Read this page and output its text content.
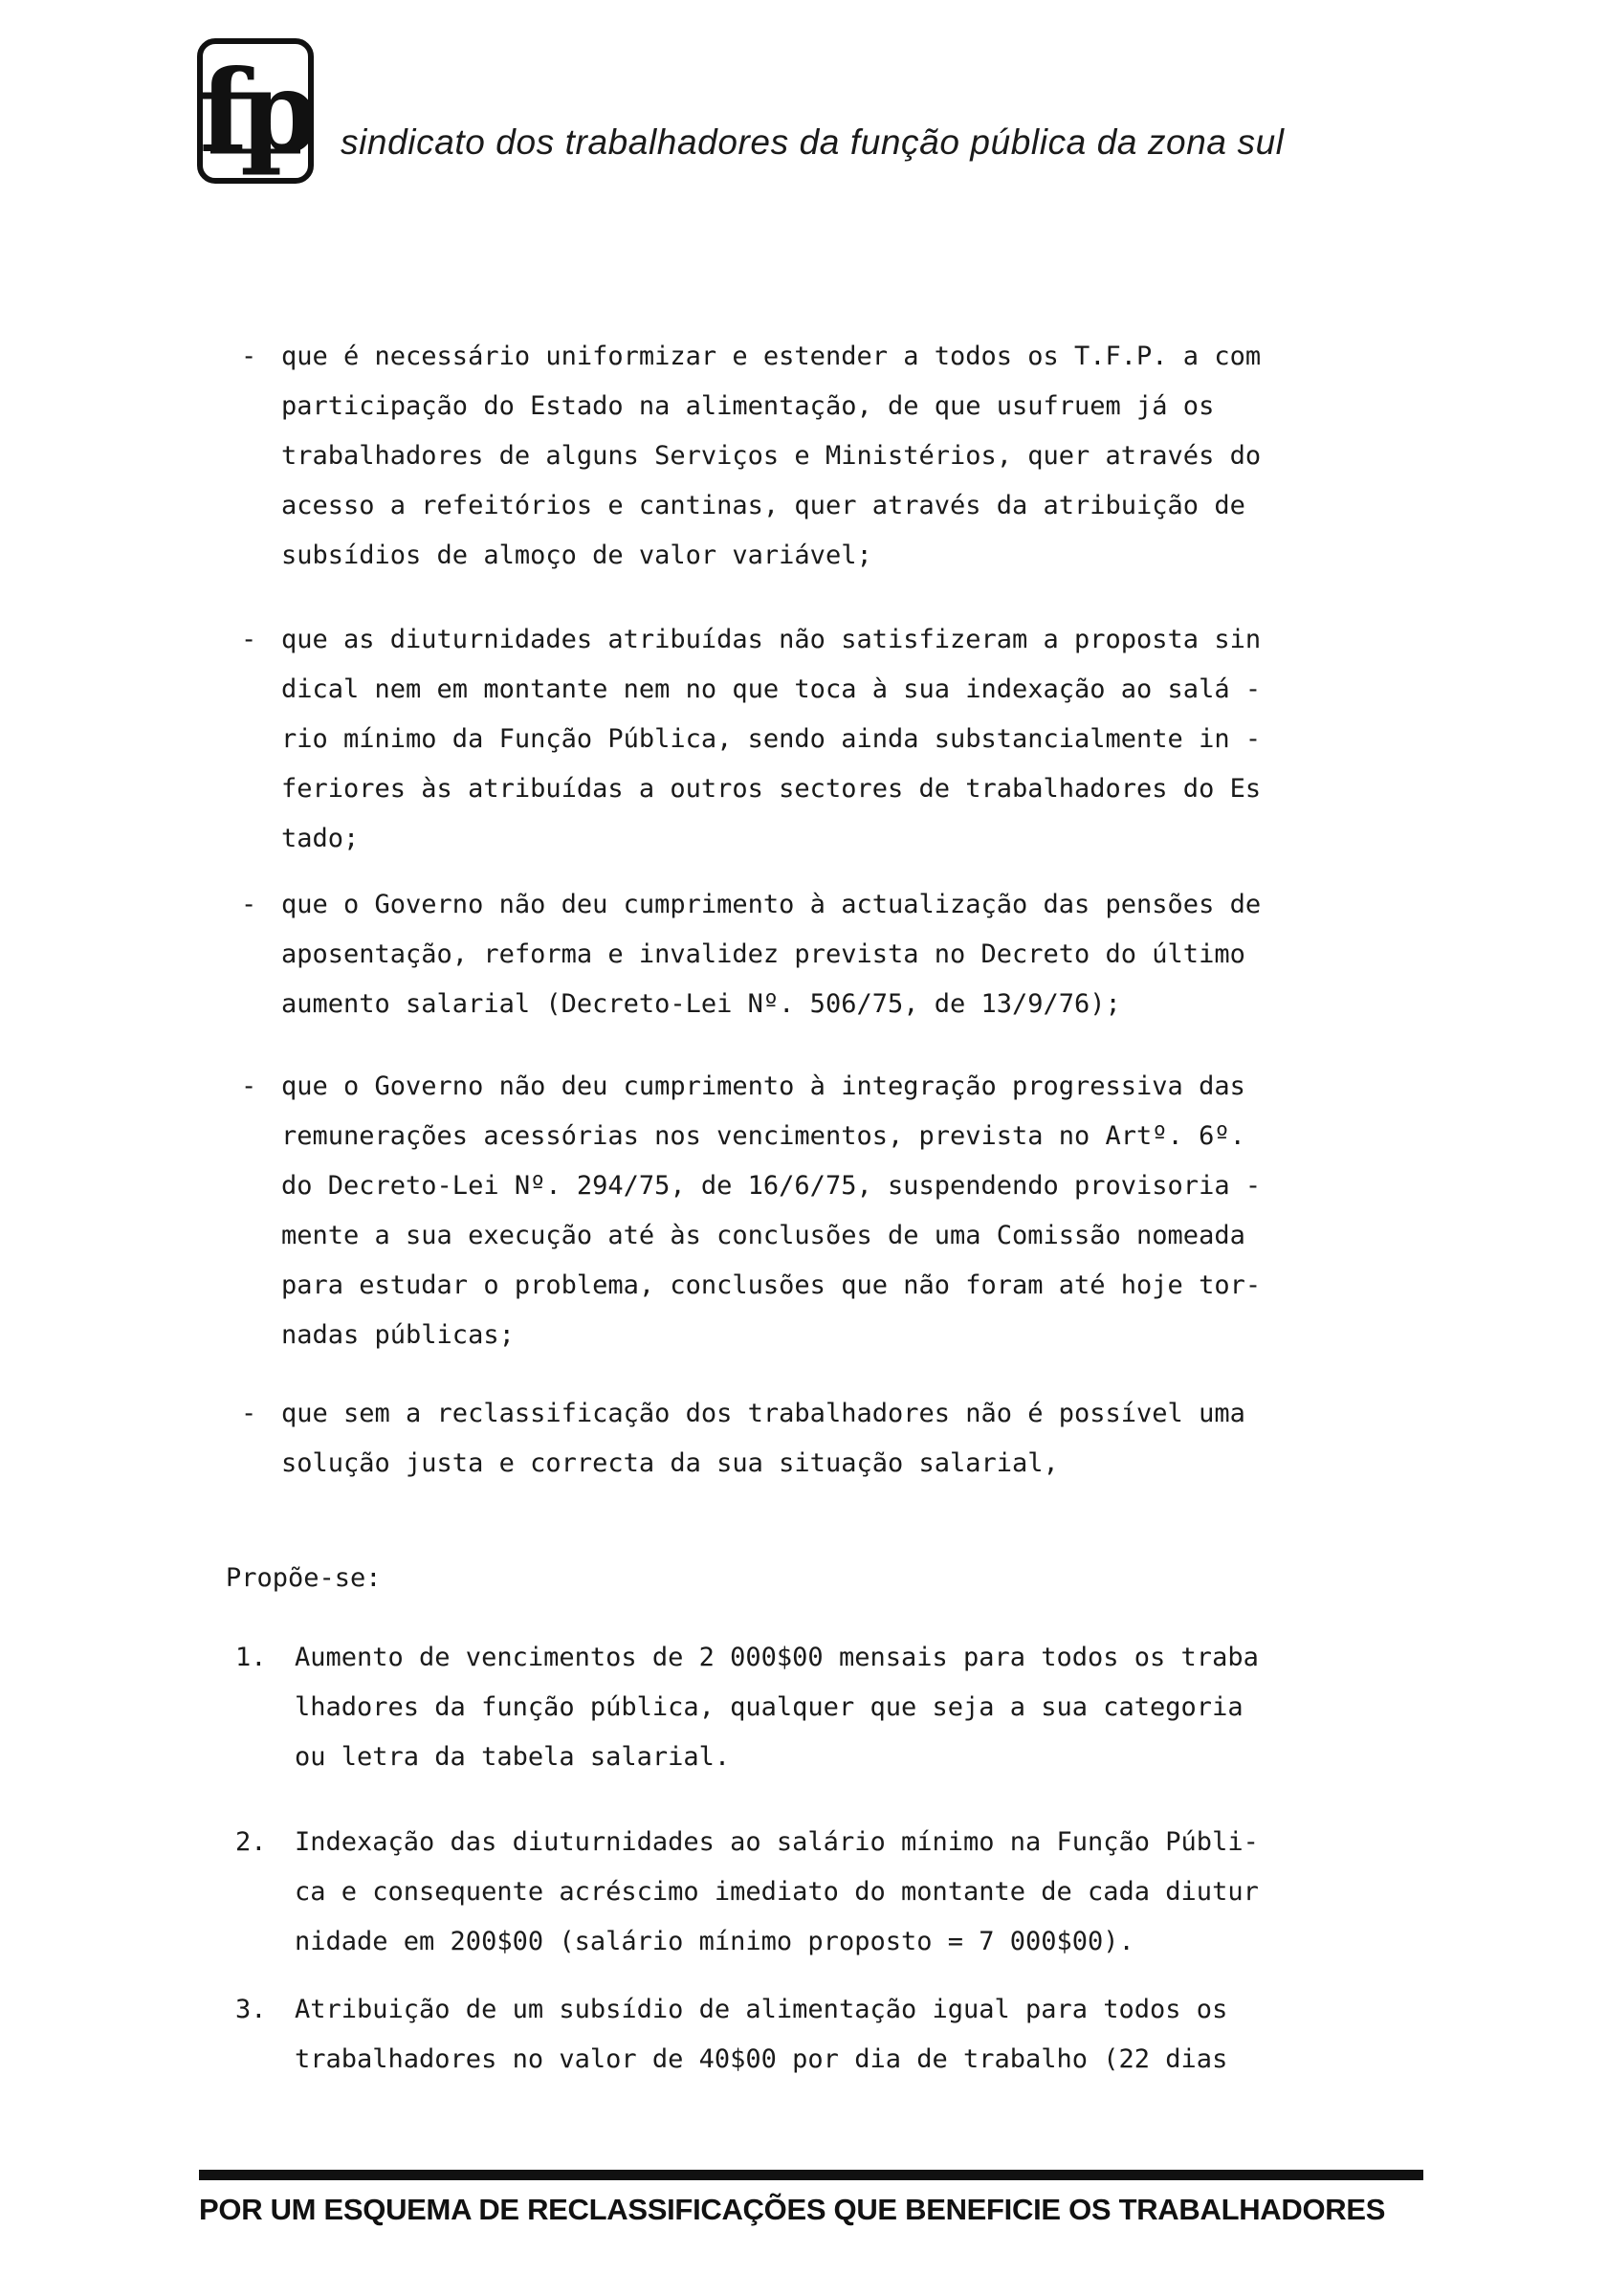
fp sindicato dos trabalhadores da função pública da zona sul
- que é necessário uniformizar e estender a todos os T.F.P. a com
participação do Estado na alimentação, de que usufruem já os
trabalhadores de alguns Serviços e Ministérios, quer através do
acesso a refeitórios e cantinas, quer através da atribuição de
subsídios de almoço de valor variável;
- que as diuturnidades atribuídas não satisfizeram a proposta sin
dical nem em montante nem no que toca à sua indexação ao salá -
rio mínimo da Função Pública, sendo ainda substancialmente in -
feriores às atribuídas a outros sectores de trabalhadores do Es
tado;
- que o Governo não deu cumprimento à actualização das pensões de
aposentação, reforma e invalidez prevista no Decreto do último
aumento salarial (Decreto-Lei Nº. 506/75, de 13/9/76);
- que o Governo não deu cumprimento à integração progressiva das
remunerações acessórias nos vencimentos, prevista no Artº. 6º.
do Decreto-Lei Nº. 294/75, de 16/6/75, suspendendo provisoria -
mente a sua execução até às conclusões de uma Comissão nomeada
para estudar o problema, conclusões que não foram até hoje tor-
nadas públicas;
- que sem a reclassificação dos trabalhadores não é possível uma
solução justa e correcta da sua situação salarial,
Propõe-se:
1. Aumento de vencimentos de 2 000$00 mensais para todos os traba
lhadores da função pública, qualquer que seja a sua categoria
ou letra da tabela salarial.
2. Indexação das diuturnidades ao salário mínimo na Função Públi-
ca e consequente acréscimo imediato do montante de cada diutur
nidade em 200$00 (salário mínimo proposto = 7 000$00).
3. Atribuição de um subsídio de alimentação igual para todos os
trabalhadores no valor de 40$00 por dia de trabalho (22 dias
POR UM ESQUEMA DE RECLASSIFICAÇÕES QUE BENEFICIE OS TRABALHADORES
